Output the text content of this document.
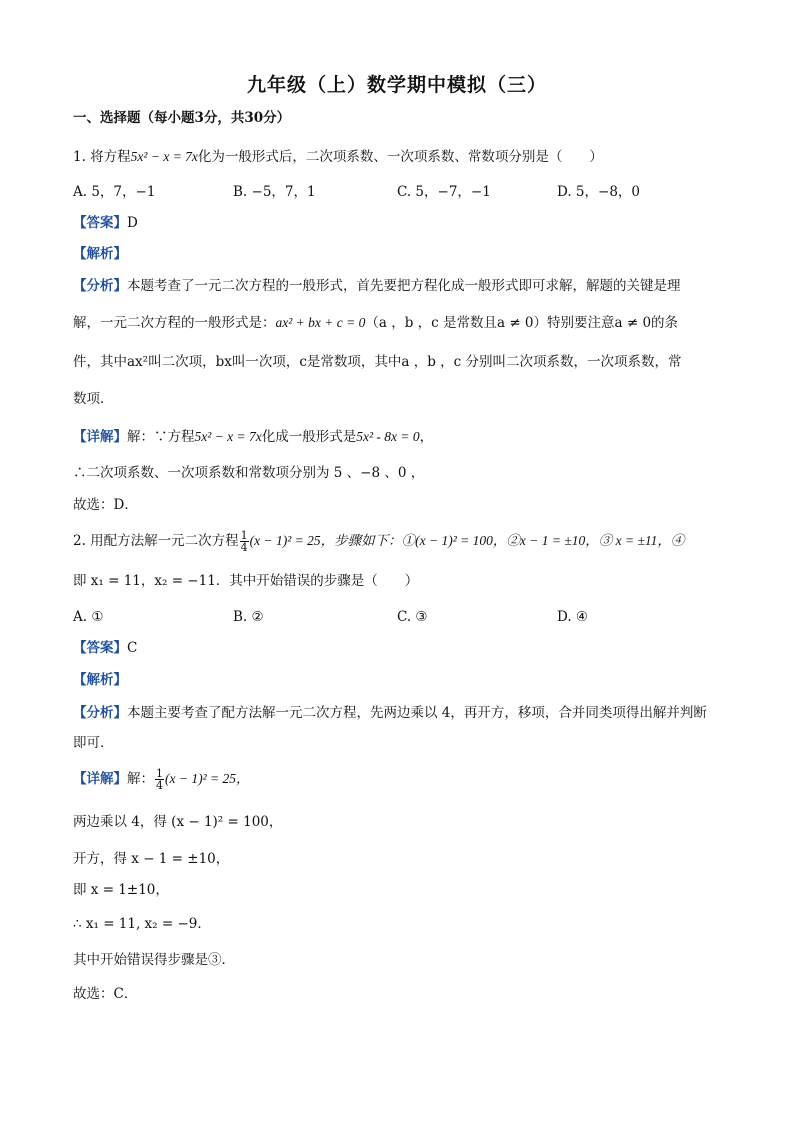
九年级（上）数学期中模拟（三）
一、选择题（每小题3分，共30分）
1. 将方程5x² − x = 7x化为一般形式后，二次项系数、一次项系数、常数项分别是（　　）
A. 5，7，−1	B. −5，7，1	C. 5，−7，−1	D. 5，−8，0
【答案】D
【解析】
【分析】本题考查了一元二次方程的一般形式，首先要把方程化成一般形式即可求解，解题的关键是理
解，一元二次方程的一般形式是：ax² + bx + c = 0（a ，b ，c 是常数且a ≠ 0）特别要注意a ≠ 0的条
件，其中ax²叫二次项，bx叫一次项，c是常数项，其中a ，b ，c 分别叫二次项系数，一次项系数，常
数项．
【详解】解：∵方程5x² − x = 7x化成一般形式是5x² - 8x = 0，
∴二次项系数、一次项系数和常数项分别为 5 、−8 、0 ，
故选：D．
2. 用配方法解一元二次方程 $\frac{1}{4} (x - 1)^2 = 25$，步骤如下：①(x − 1)² = 100，②x − 1 = ±10，③ x = ±11，④
即 x₁ = 11，x₂ = −11．其中开始错误的步骤是（　　）
A. ①	B. ②	C. ③	D. ④
【答案】C
【解析】
【分析】本题主要考查了配方法解一元二次方程，先两边乘以 4，再开方，移项，合并同类项得出解并判断
即可．
【详解】解： $\frac{1}{4} (x - 1)^2 = 25$，
两边乘以 4，得 (x − 1)² = 100，
开方，得 x − 1 = ±10，
即 x = 1±10，
∴ x₁ = 11, x₂ = −9．
其中开始错误得步骤是③．
故选：C．
